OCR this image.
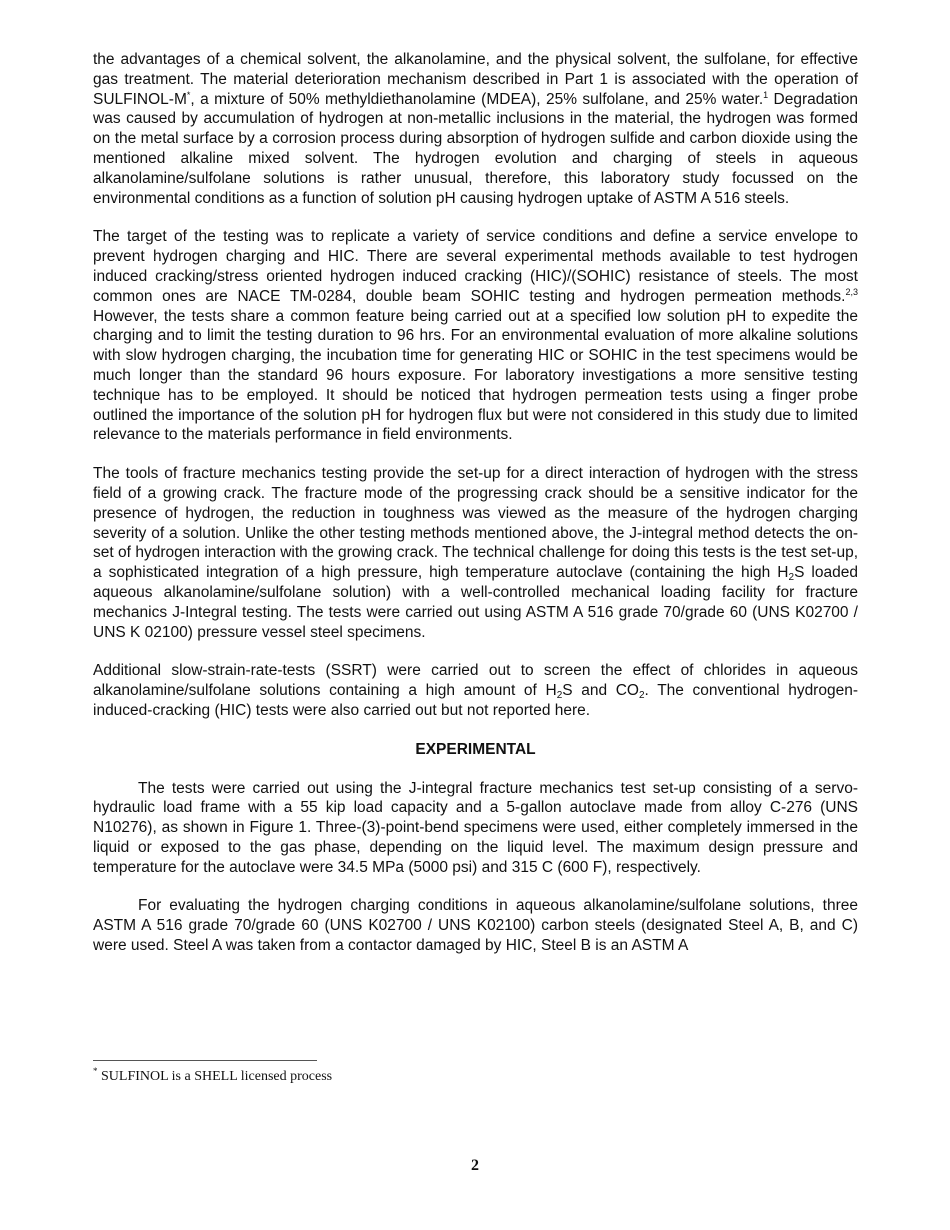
the advantages of a chemical solvent, the alkanolamine, and the physical solvent, the sulfolane, for effective gas treatment. The material deterioration mechanism described in Part 1 is associated with the operation of SULFINOL-M*, a mixture of 50% methyldiethanolamine (MDEA), 25% sulfolane, and 25% water.$^1$ Degradation was caused by accumulation of hydrogen at non-metallic inclusions in the material, the hydrogen was formed on the metal surface by a corrosion process during absorption of hydrogen sulfide and carbon dioxide using the mentioned alkaline mixed solvent. The hydrogen evolution and charging of steels in aqueous alkanolamine/sulfolane solutions is rather unusual, therefore, this laboratory study focussed on the environmental conditions as a function of solution pH causing hydrogen uptake of ASTM A 516 steels.

The target of the testing was to replicate a variety of service conditions and define a service envelope to prevent hydrogen charging and HIC. There are several experimental methods available to test hydrogen induced cracking/stress oriented hydrogen induced cracking (HIC)/(SOHIC) resistance of steels. The most common ones are NACE TM-0284, double beam SOHIC testing and hydrogen permeation methods.$^{2,3}$ However, the tests share a common feature being carried out at a specified low solution pH to expedite the charging and to limit the testing duration to 96 hrs. For an environmental evaluation of more alkaline solutions with slow hydrogen charging, the incubation time for generating HIC or SOHIC in the test specimens would be much longer than the standard 96 hours exposure. For laboratory investigations a more sensitive testing technique has to be employed. It should be noticed that hydrogen permeation tests using a finger probe outlined the importance of the solution pH for hydrogen flux but were not considered in this study due to limited relevance to the materials performance in field environments.

The tools of fracture mechanics testing provide the set-up for a direct interaction of hydrogen with the stress field of a growing crack. The fracture mode of the progressing crack should be a sensitive indicator for the presence of hydrogen, the reduction in toughness was viewed as the measure of the hydrogen charging severity of a solution. Unlike the other testing methods mentioned above, the J-integral method detects the on-set of hydrogen interaction with the growing crack. The technical challenge for doing this tests is the test set-up, a sophisticated integration of a high pressure, high temperature autoclave (containing the high $H_2S$ loaded aqueous alkanolamine/sulfolane solution) with a well-controlled mechanical loading facility for fracture mechanics J-Integral testing. The tests were carried out using ASTM A 516 grade 70/grade 60 (UNS K02700 / UNS K 02100) pressure vessel steel specimens.

Additional slow-strain-rate-tests (SSRT) were carried out to screen the effect of chlorides in aqueous alkanolamine/sulfolane solutions containing a high amount of $H_2S$ and $CO_2$. The conventional hydrogen-induced-cracking (HIC) tests were also carried out but not reported here.

EXPERIMENTAL

The tests were carried out using the J-integral fracture mechanics test set-up consisting of a servo-hydraulic load frame with a 55 kip load capacity and a 5-gallon autoclave made from alloy C-276 (UNS N10276), as shown in Figure 1. Three-(3)-point-bend specimens were used, either completely immersed in the liquid or exposed to the gas phase, depending on the liquid level. The maximum design pressure and temperature for the autoclave were 34.5 MPa (5000 psi) and 315 C (600 F), respectively.

For evaluating the hydrogen charging conditions in aqueous alkanolamine/sulfolane solutions, three ASTM A 516 grade 70/grade 60 (UNS K02700 / UNS K02100) carbon steels (designated Steel A, B, and C) were used. Steel A was taken from a contactor damaged by HIC, Steel B is an ASTM A

* SULFINOL is a SHELL licensed process
2
